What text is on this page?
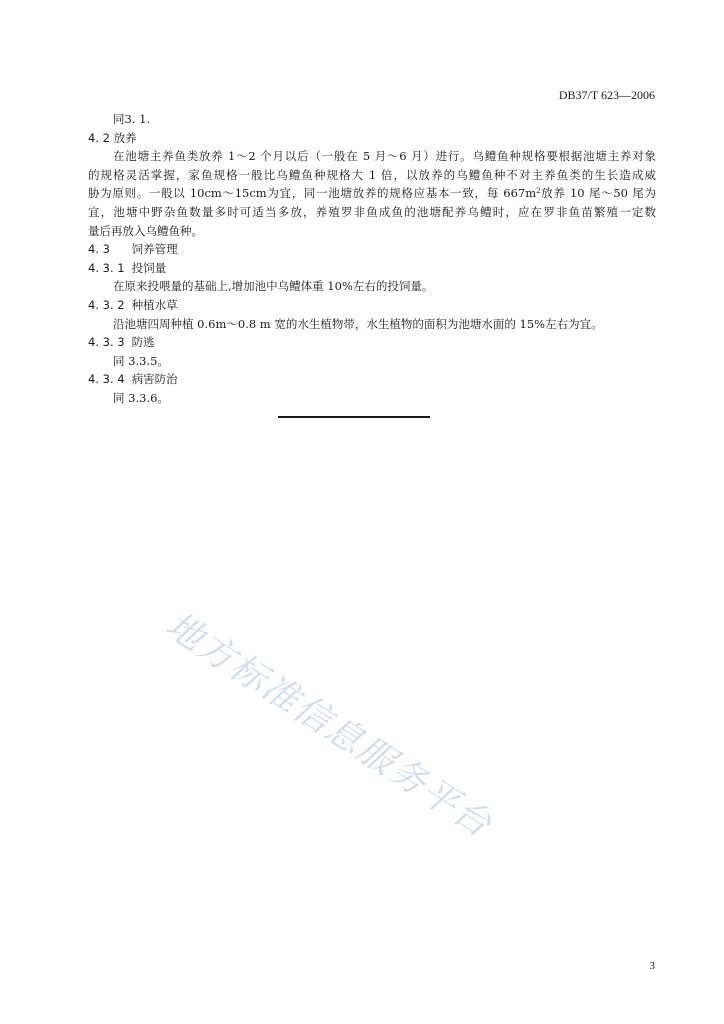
DB37/T 623—2006
同3. 1.
4. 2 放养
在池塘主养鱼类放养 1～2 个月以后（一般在 5 月～6 月）进行。乌鳢鱼种规格要根据池塘主养对象
的规格灵活掌握，家鱼规格一般比乌鳢鱼种规格大 1 倍，以放养的乌鳢鱼种不对主养鱼类的生长造成威
胁为原则。一般以 10cm～15cm为宜，同一池塘放养的规格应基本一致，每 $667m^2$放养 10 尾～50 尾为
宜，池塘中野杂鱼数量多时可适当多放，养殖罗非鱼成鱼的池塘配养乌鳢时，应在罗非鱼苗繁殖一定数
量后再放入乌鳢鱼种。
4. 3 饲养管理
4. 3. 1 投饲量
在原来投喂量的基础上,增加池中乌鳢体重 10%左右的投饲量。
4. 3. 2 种植水草
沿池塘四周种植 0.6m～0.8 m 宽的水生植物带，水生植物的面积为池塘水面的 15%左右为宜。
4. 3. 3 防逃
同 3.3.5。
4. 3. 4 病害防治
同 3.3.6。
地方标准信息服务平台
3
